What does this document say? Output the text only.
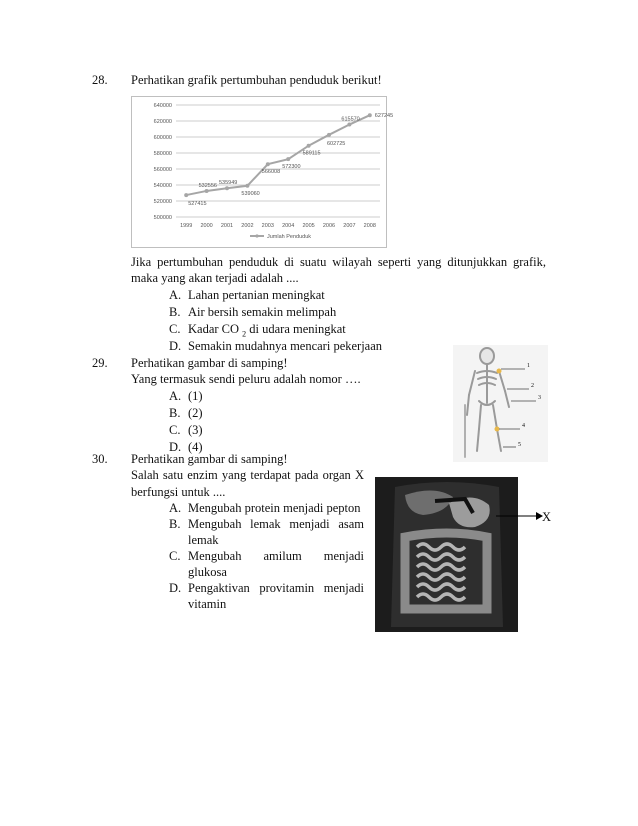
28. Perhatikan grafik pertumbuhan penduduk berikut!
500000
520000
540000
560000
580000
600000
620000
640000
1999 2000 2001 2002 2003 2004 2005 2006 2007 2008
527415
532556 535949
539060
566008
572300
589115
602725
615570
627245
Jumlah Penduduk
Jika pertumbuhan penduduk di suatu wilayah seperti yang ditunjukkan grafik,
maka yang akan terjadi adalah ....
A. Lahan pertanian meningkat
B. Air bersih semakin melimpah
C. Kadar CO $_2$ di udara meningkat
D. Semakin mudahnya mencari pekerjaan
29. Perhatikan gambar di samping!
Yang termasuk sendi peluru adalah nomor ….
A. (1)
B. (2)
C. (3)
D. (4)
1
2
3
4
5
30. Perhatikan gambar di samping!
Salah satu enzim yang terdapat pada organ X
berfungsi untuk ....
A. Mengubah protein menjadi pepton
B. Mengubah lemak menjadi asam
lemak
C. Mengubah amilum menjadi
glukosa
D. Pengaktivan provitamin menjadi
vitamin
X
